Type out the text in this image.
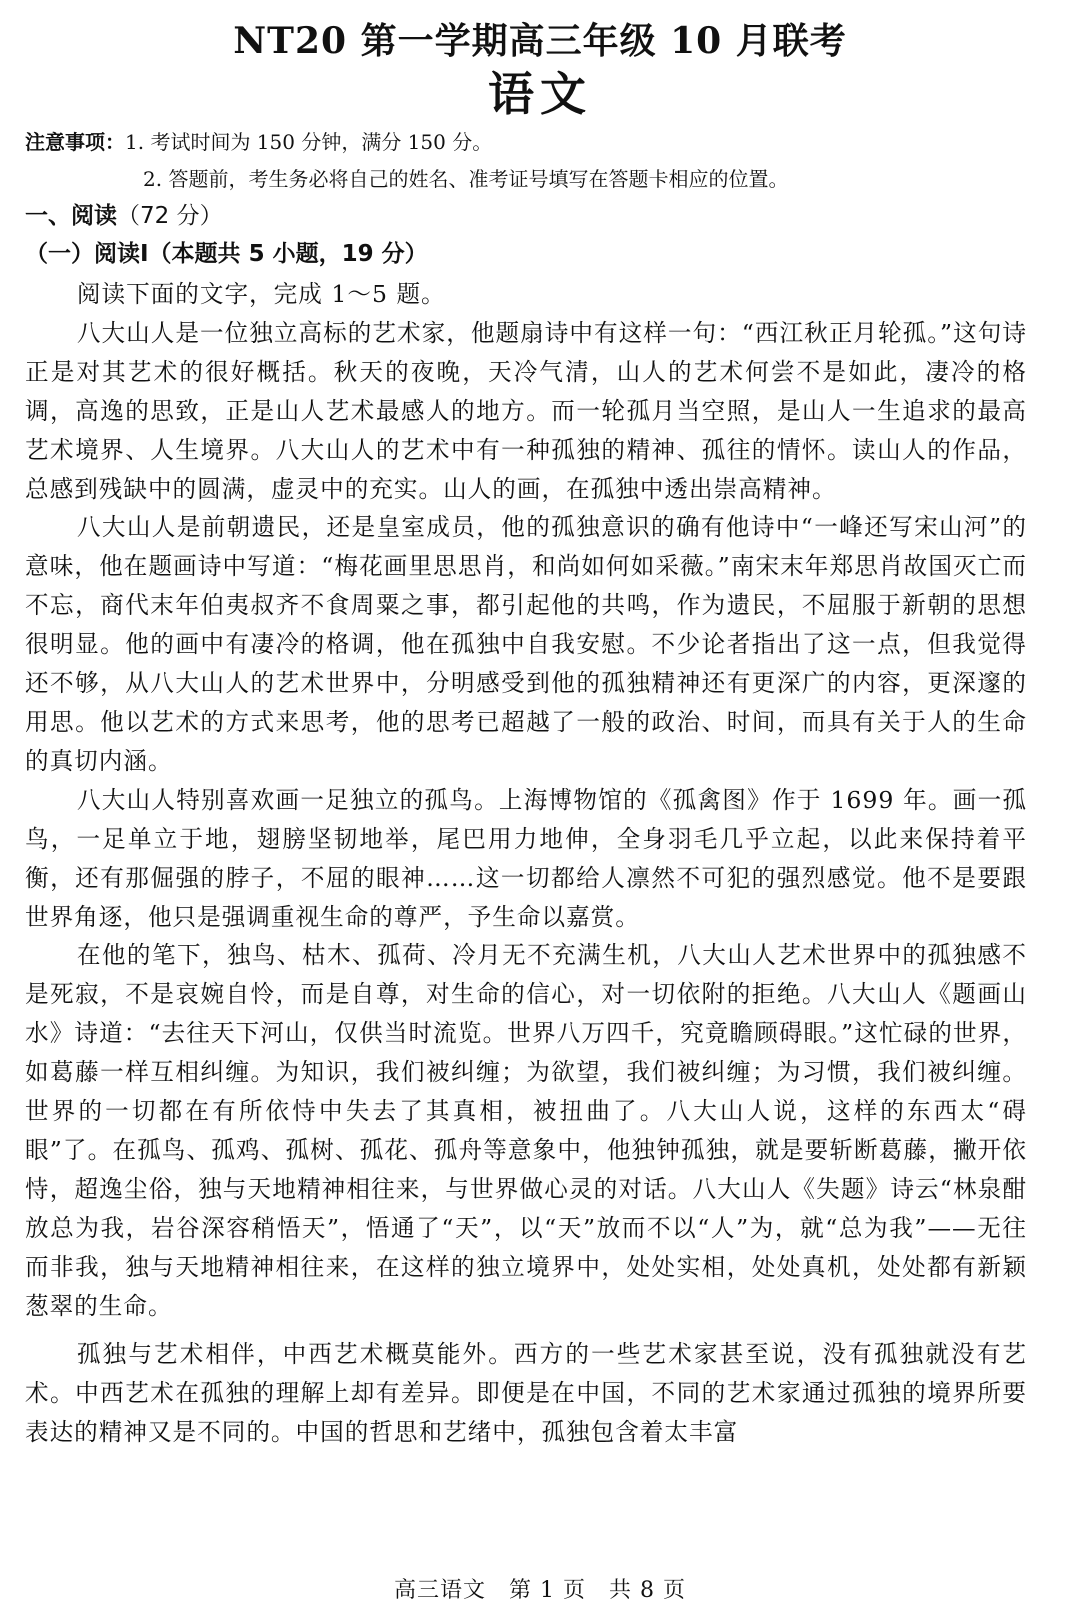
NT20 第一学期高三年级 10 月联考
语文
注意事项：1. 考试时间为 150 分钟，满分 150 分。
2. 答题前，考生务必将自己的姓名、准考证号填写在答题卡相应的位置。
一、阅读（72 分）
（一）阅读Ⅰ（本题共 5 小题，19 分）

阅读下面的文字，完成 1～5 题。

八大山人是一位独立高标的艺术家，他题扇诗中有这样一句：“西江秋正月轮孤。”这句诗正是对其艺术的很好概括。秋天的夜晚，天冷气清，山人的艺术何尝不是如此，凄冷的格调，高逸的思致，正是山人艺术最感人的地方。而一轮孤月当空照，是山人一生追求的最高艺术境界、人生境界。八大山人的艺术中有一种孤独的精神、孤往的情怀。读山人的作品，总感到残缺中的圆满，虚灵中的充实。山人的画，在孤独中透出崇高精神。

八大山人是前朝遗民，还是皇室成员，他的孤独意识的确有他诗中“一峰还写宋山河”的意味，他在题画诗中写道：“梅花画里思思肖，和尚如何如采薇。”南宋末年郑思肖故国灭亡而不忘，商代末年伯夷叔齐不食周粟之事，都引起他的共鸣，作为遗民，不屈服于新朝的思想很明显。他的画中有凄冷的格调，他在孤独中自我安慰。不少论者指出了这一点，但我觉得还不够，从八大山人的艺术世界中，分明感受到他的孤独精神还有更深广的内容，更深邃的用思。他以艺术的方式来思考，他的思考已超越了一般的政治、时间，而具有关于人的生命的真切内涵。

八大山人特别喜欢画一足独立的孤鸟。上海博物馆的《孤禽图》作于 1699 年。画一孤鸟，一足单立于地，翅膀坚韧地举，尾巴用力地伸，全身羽毛几乎立起，以此来保持着平衡，还有那倔强的脖子，不屈的眼神……这一切都给人凛然不可犯的强烈感觉。他不是要跟世界角逐，他只是强调重视生命的尊严，予生命以嘉赏。

在他的笔下，独鸟、枯木、孤荷、冷月无不充满生机，八大山人艺术世界中的孤独感不是死寂，不是哀婉自怜，而是自尊，对生命的信心，对一切依附的拒绝。八大山人《题画山水》诗道：“去往天下河山，仅供当时流览。世界八万四千，究竟瞻顾碍眼。”这忙碌的世界，如葛藤一样互相纠缠。为知识，我们被纠缠；为欲望，我们被纠缠；为习惯，我们被纠缠。世界的一切都在有所依恃中失去了其真相，被扭曲了。八大山人说，这样的东西太“碍眼”了。在孤鸟、孤鸡、孤树、孤花、孤舟等意象中，他独钟孤独，就是要斩断葛藤，撇开依恃，超逸尘俗，独与天地精神相往来，与世界做心灵的对话。八大山人《失题》诗云“林泉酣放总为我，岩谷深容稍悟天”，悟通了“天”，以“天”放而不以“人”为，就“总为我”——无往而非我，独与天地精神相往来，在这样的独立境界中，处处实相，处处真机，处处都有新颖葱翠的生命。

孤独与艺术相伴，中西艺术概莫能外。西方的一些艺术家甚至说，没有孤独就没有艺术。中西艺术在孤独的理解上却有差异。即便是在中国，不同的艺术家通过孤独的境界所要表达的精神又是不同的。中国的哲思和艺绪中，孤独包含着太丰富

高三语文　第 1 页　共 8 页
